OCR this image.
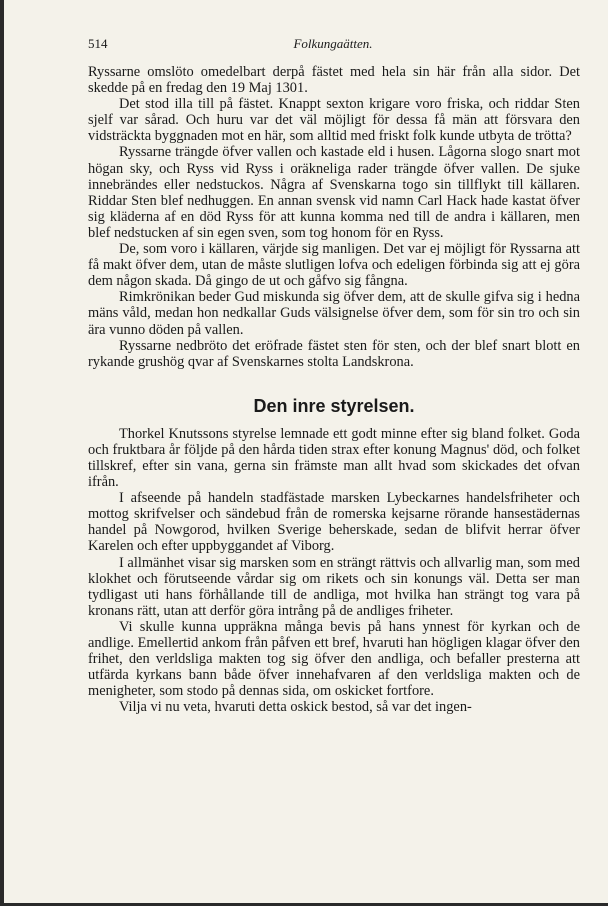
514	Folkungaätten.

Ryssarne omslöto omedelbart derpå fästet med hela sin här från alla sidor. Det skedde på en fredag den 19 Maj 1301.

Det stod illa till på fästet. Knappt sexton krigare voro friska, och riddar Sten sjelf var sårad. Och huru var det väl möjligt för dessa få män att försvara den vidsträckta byggnaden mot en här, som alltid med friskt folk kunde utbyta de trötta?

Ryssarne trängde öfver vallen och kastade eld i husen. Lågorna slogo snart mot högan sky, och Ryss vid Ryss i oräkneliga rader trängde öfver vallen. De sjuke innebrändes eller nedstuckos. Några af Svenskarna togo sin tillflykt till källaren. Riddar Sten blef nedhuggen. En annan svensk vid namn Carl Hack hade kastat öfver sig kläderna af en död Ryss för att kunna komma ned till de andra i källaren, men blef nedstucken af sin egen sven, som tog honom för en Ryss.

De, som voro i källaren, värjde sig manligen. Det var ej möjligt för Ryssarna att få makt öfver dem, utan de måste slutligen lofva och edeligen förbinda sig att ej göra dem någon skada. Då gingo de ut och gåfvo sig fångna.

Rimkrönikan beder Gud miskunda sig öfver dem, att de skulle gifva sig i hedna mäns våld, medan hon nedkallar Guds välsignelse öfver dem, som för sin tro och sin ära vunno döden på vallen.

Ryssarne nedbröto det eröfrade fästet sten för sten, och der blef snart blott en rykande grushög qvar af Svenskarnes stolta Landskrona.

Den inre styrelsen.

Thorkel Knutssons styrelse lemnade ett godt minne efter sig bland folket. Goda och fruktbara år följde på den hårda tiden strax efter konung Magnus' död, och folket tillskref, efter sin vana, gerna sin främste man allt hvad som skickades det ofvan ifrån.

I afseende på handeln stadfästade marsken Lybeckarnes handelsfriheter och mottog skrifvelser och sändebud från de romerska kejsarne rörande hansestädernas handel på Nowgorod, hvilken Sverige beherskade, sedan de blifvit herrar öfver Karelen och efter uppbyggandet af Viborg.

I allmänhet visar sig marsken som en strängt rättvis och allvarlig man, som med klokhet och förutseende vårdar sig om rikets och sin konungs väl. Detta ser man tydligast uti hans förhållande till de andliga, mot hvilka han strängt tog vara på kronans rätt, utan att derför göra intrång på de andliges friheter.

Vi skulle kunna uppräkna många bevis på hans ynnest för kyrkan och de andlige. Emellertid ankom från påfven ett bref, hvaruti han högligen klagar öfver den frihet, den verldsliga makten tog sig öfver den andliga, och befaller presterna att utfärda kyrkans bann både öfver innehafvaren af den verldsliga makten och de menigheter, som stodo på dennas sida, om oskicket fortfore.

Vilja vi nu veta, hvaruti detta oskick bestod, så var det ingen-
